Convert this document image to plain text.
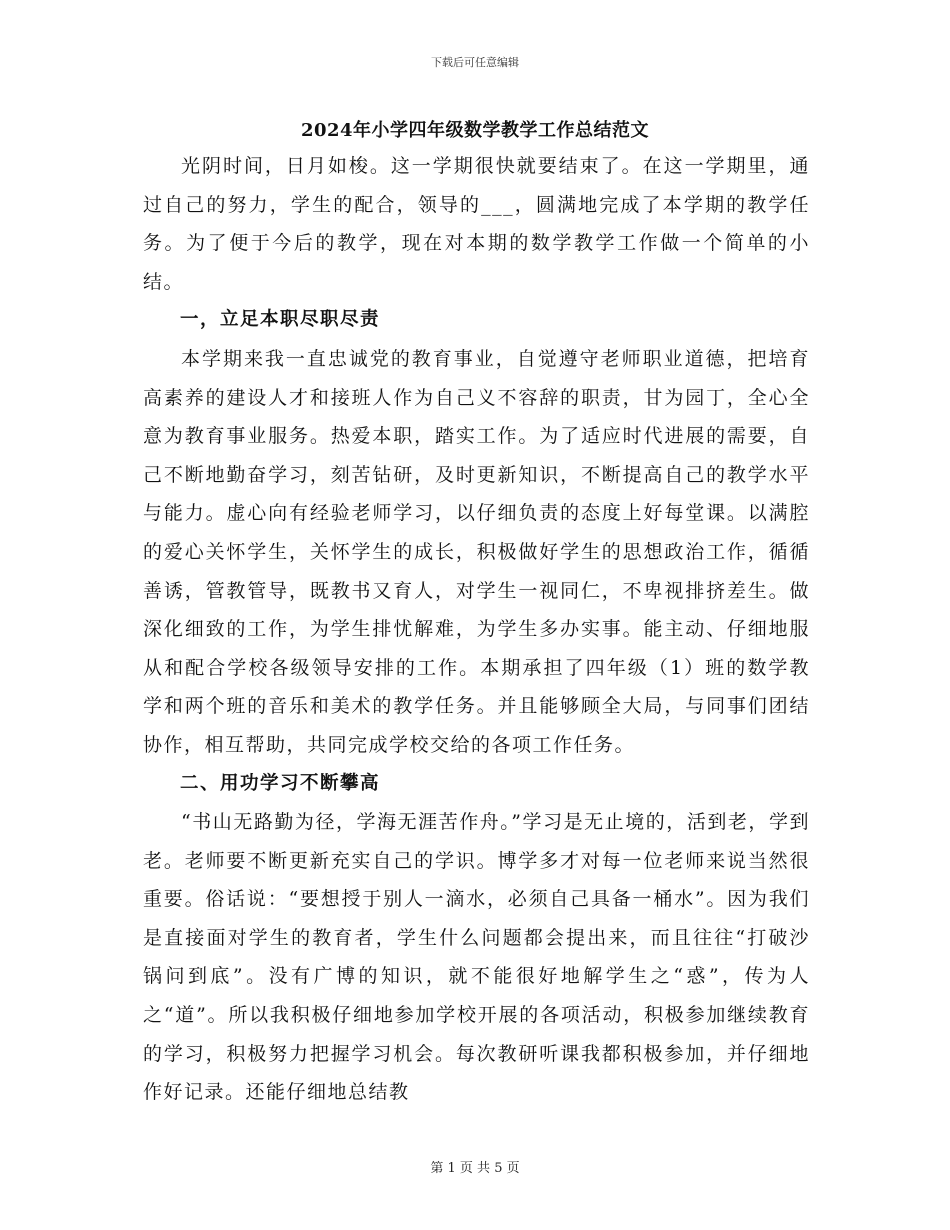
下载后可任意编辑
2024年小学四年级数学教学工作总结范文

光阴时间，日月如梭。这一学期很快就要结束了。在这一学期里，通过自己的努力，学生的配合，领导的___，圆满地完成了本学期的教学任务。为了便于今后的教学，现在对本期的数学教学工作做一个简单的小结。

一，立足本职尽职尽责

本学期来我一直忠诚党的教育事业，自觉遵守老师职业道德，把培育高素养的建设人才和接班人作为自己义不容辞的职责，甘为园丁，全心全意为教育事业服务。热爱本职，踏实工作。为了适应时代进展的需要，自己不断地勤奋学习，刻苦钻研，及时更新知识，不断提高自己的教学水平与能力。虚心向有经验老师学习，以仔细负责的态度上好每堂课。以满腔的爱心关怀学生，关怀学生的成长，积极做好学生的思想政治工作，循循善诱，管教管导，既教书又育人，对学生一视同仁，不卑视排挤差生。做深化细致的工作，为学生排忧解难，为学生多办实事。能主动、仔细地服从和配合学校各级领导安排的工作。本期承担了四年级（1）班的数学教学和两个班的音乐和美术的教学任务。并且能够顾全大局，与同事们团结协作，相互帮助，共同完成学校交给的各项工作任务。

二、用功学习不断攀高

“书山无路勤为径，学海无涯苦作舟。”学习是无止境的，活到老，学到老。老师要不断更新充实自己的学识。博学多才对每一位老师来说当然很重要。俗话说：“要想授于别人一滴水，必须自己具备一桶水”。因为我们是直接面对学生的教育者，学生什么问题都会提出来，而且往往“打破沙锅问到底”。没有广博的知识，就不能很好地解学生之“惑”，传为人之“道”。所以我积极仔细地参加学校开展的各项活动，积极参加继续教育的学习，积极努力把握学习机会。每次教研听课我都积极参加，并仔细地作好记录。还能仔细地总结教

第 1 页 共 5 页
